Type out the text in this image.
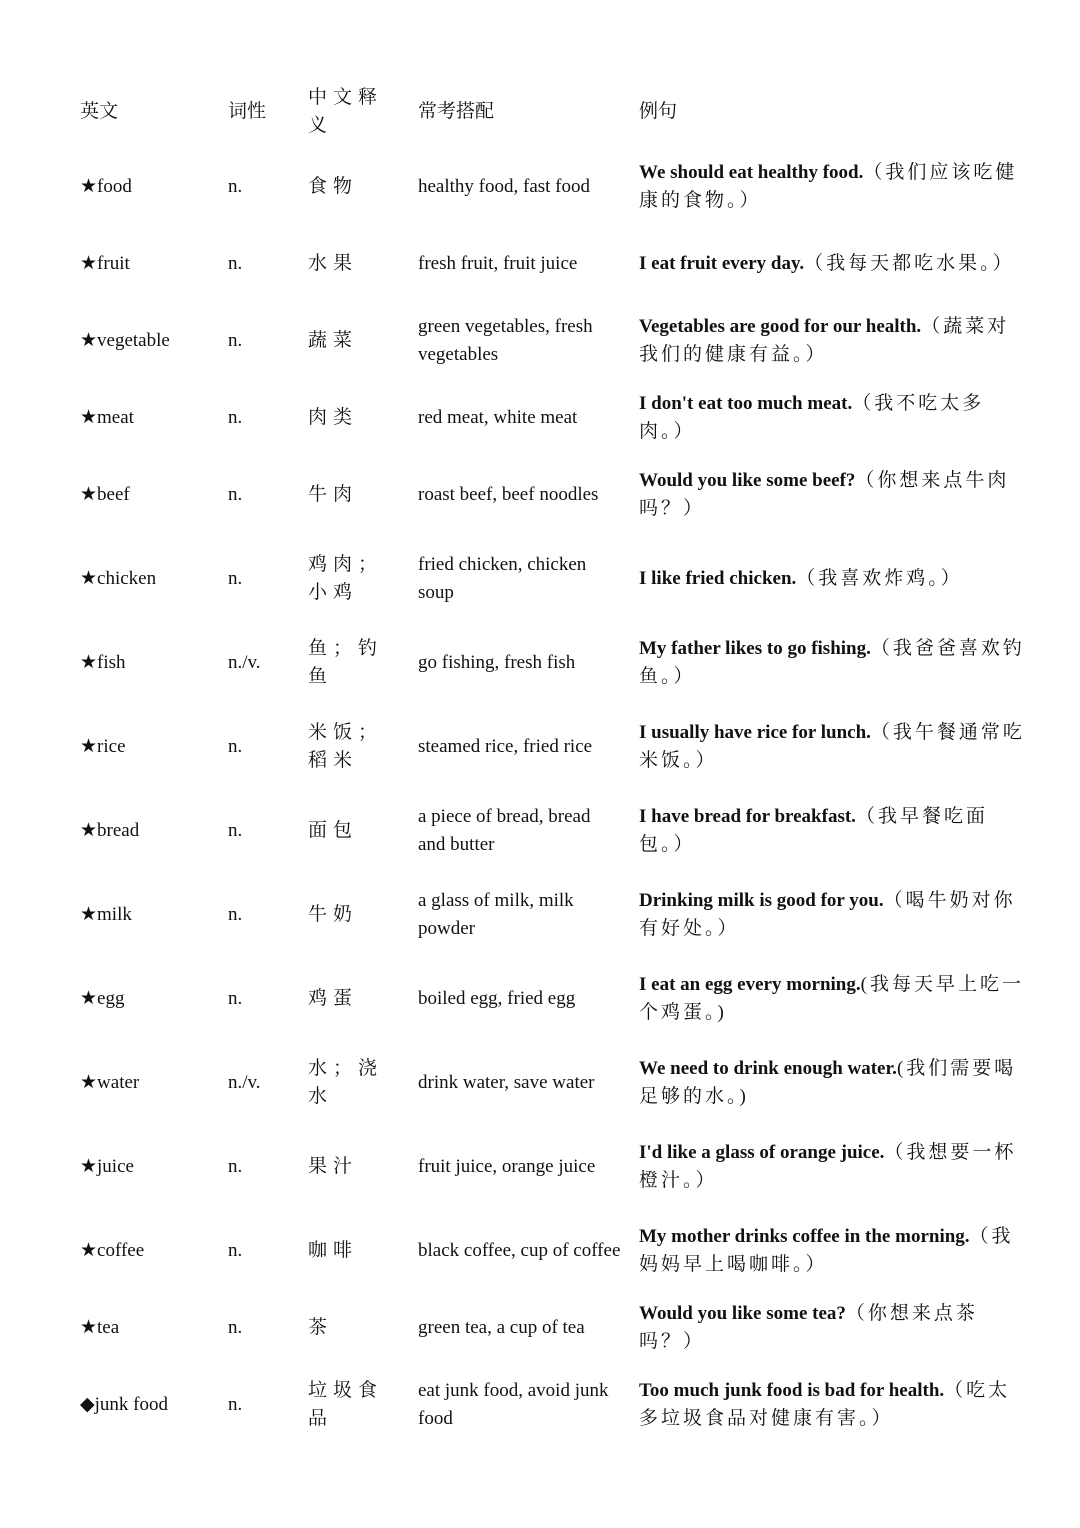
英文	词性	中文释义	常考搭配	例句
★food	n.	食物	healthy food, fast food	We should eat healthy food.（我们应该吃健康的食物。）
★fruit	n.	水果	fresh fruit, fruit juice	I eat fruit every day.（我每天都吃水果。）
★vegetable	n.	蔬菜	green vegetables, fresh vegetables	Vegetables are good for our health.（蔬菜对我们的健康有益。）
★meat	n.	肉类	red meat, white meat	I don't eat too much meat.（我不吃太多肉。）
★beef	n.	牛肉	roast beef, beef noodles	Would you like some beef?（你想来点牛肉吗？）
★chicken	n.	鸡肉；小鸡	fried chicken, chicken soup	I like fried chicken.（我喜欢炸鸡。）
★fish	n./v.	鱼；钓鱼	go fishing, fresh fish	My father likes to go fishing.（我爸爸喜欢钓鱼。）
★rice	n.	米饭；稻米	steamed rice, fried rice	I usually have rice for lunch.（我午餐通常吃米饭。）
★bread	n.	面包	a piece of bread, bread and butter	I have bread for breakfast.（我早餐吃面包。）
★milk	n.	牛奶	a glass of milk, milk powder	Drinking milk is good for you.（喝牛奶对你有好处。）
★egg	n.	鸡蛋	boiled egg, fried egg	I eat an egg every morning.(我每天早上吃一个鸡蛋。)
★water	n./v.	水；浇水	drink water, save water	We need to drink enough water.(我们需要喝足够的水。)
★juice	n.	果汁	fruit juice, orange juice	I'd like a glass of orange juice.（我想要一杯橙汁。）
★coffee	n.	咖啡	black coffee, cup of coffee	My mother drinks coffee in the morning.（我妈妈早上喝咖啡。）
★tea	n.	茶	green tea, a cup of tea	Would you like some tea?（你想来点茶吗？）
◆junk food	n.	垃圾食品	eat junk food, avoid junk food	Too much junk food is bad for health.（吃太多垃圾食品对健康有害。）
